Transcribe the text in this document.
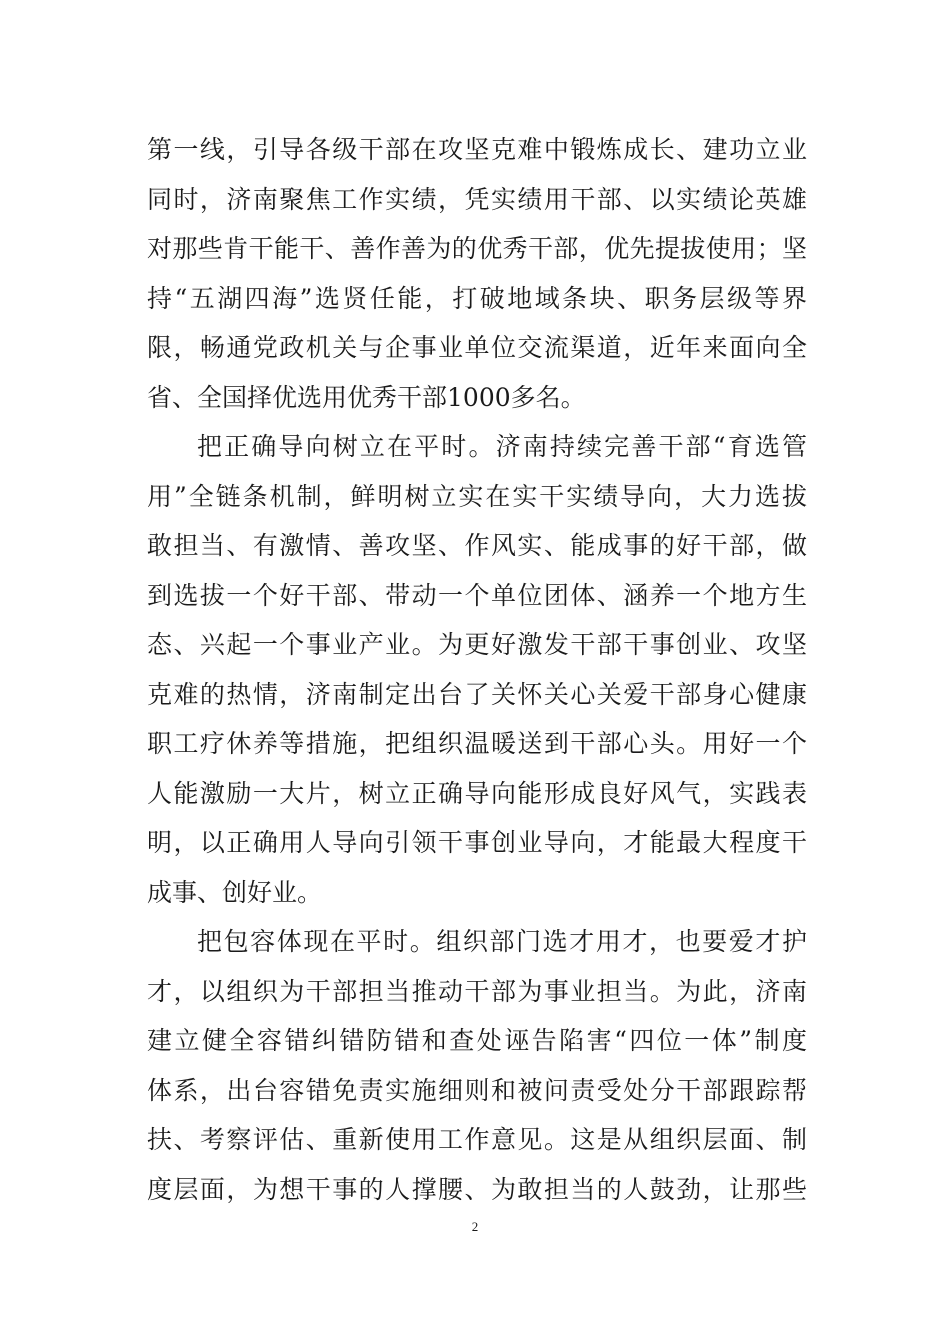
第一线，引导各级干部在攻坚克难中锻炼成长、建功立业
同时，济南聚焦工作实绩，凭实绩用干部、以实绩论英雄
对那些肯干能干、善作善为的优秀干部，优先提拔使用；坚
持“五湖四海”选贤任能，打破地域条块、职务层级等界
限，畅通党政机关与企事业单位交流渠道，近年来面向全
省、全国择优选用优秀干部1000多名。
把正确导向树立在平时。济南持续完善干部“育选管
用”全链条机制，鲜明树立实在实干实绩导向，大力选拔
敢担当、有激情、善攻坚、作风实、能成事的好干部，做
到选拔一个好干部、带动一个单位团体、涵养一个地方生
态、兴起一个事业产业。为更好激发干部干事创业、攻坚
克难的热情，济南制定出台了关怀关心关爱干部身心健康
职工疗休养等措施，把组织温暖送到干部心头。用好一个
人能激励一大片，树立正确导向能形成良好风气，实践表
明，以正确用人导向引领干事创业导向，才能最大程度干
成事、创好业。
把包容体现在平时。组织部门选才用才，也要爱才护
才，以组织为干部担当推动干部为事业担当。为此，济南
建立健全容错纠错防错和查处诬告陷害“四位一体”制度
体系，出台容错免责实施细则和被问责受处分干部跟踪帮
扶、考察评估、重新使用工作意见。这是从组织层面、制
度层面，为想干事的人撑腰、为敢担当的人鼓劲，让那些
2
